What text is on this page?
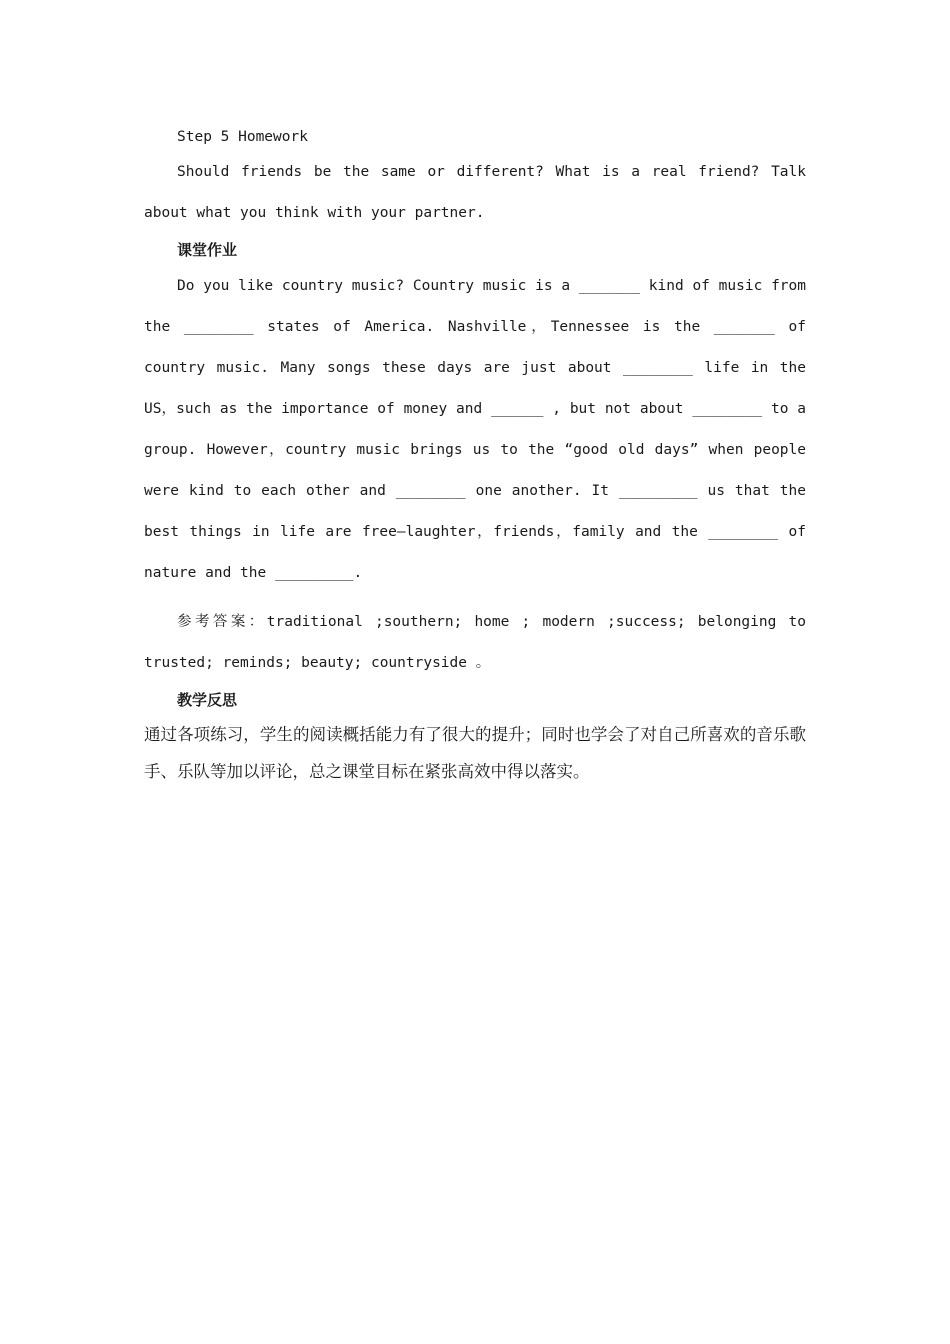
Step 5 Homework

Should friends be the same or different? What is a real friend? Talk about what you think with your partner.

课堂作业

Do you like country music? Country music is a _______ kind of music from the ________ states of America. Nashville，Tennessee is the _______ of country music. Many songs these days are just about ________ life in the US，such as the importance of money and ______ , but not about ________ to a group. However，country music brings us to the “good old days” when people were kind to each other and ________ one another. It _________ us that the best things in life are free—laughter，friends，family and the ________ of nature and the _________.

参考答案：traditional ;southern; home ; modern ;success; belonging to trusted; reminds; beauty; countryside 。

教学反思

通过各项练习，学生的阅读概括能力有了很大的提升；同时也学会了对自己所喜欢的音乐歌手、乐队等加以评论，总之课堂目标在紧张高效中得以落实。
